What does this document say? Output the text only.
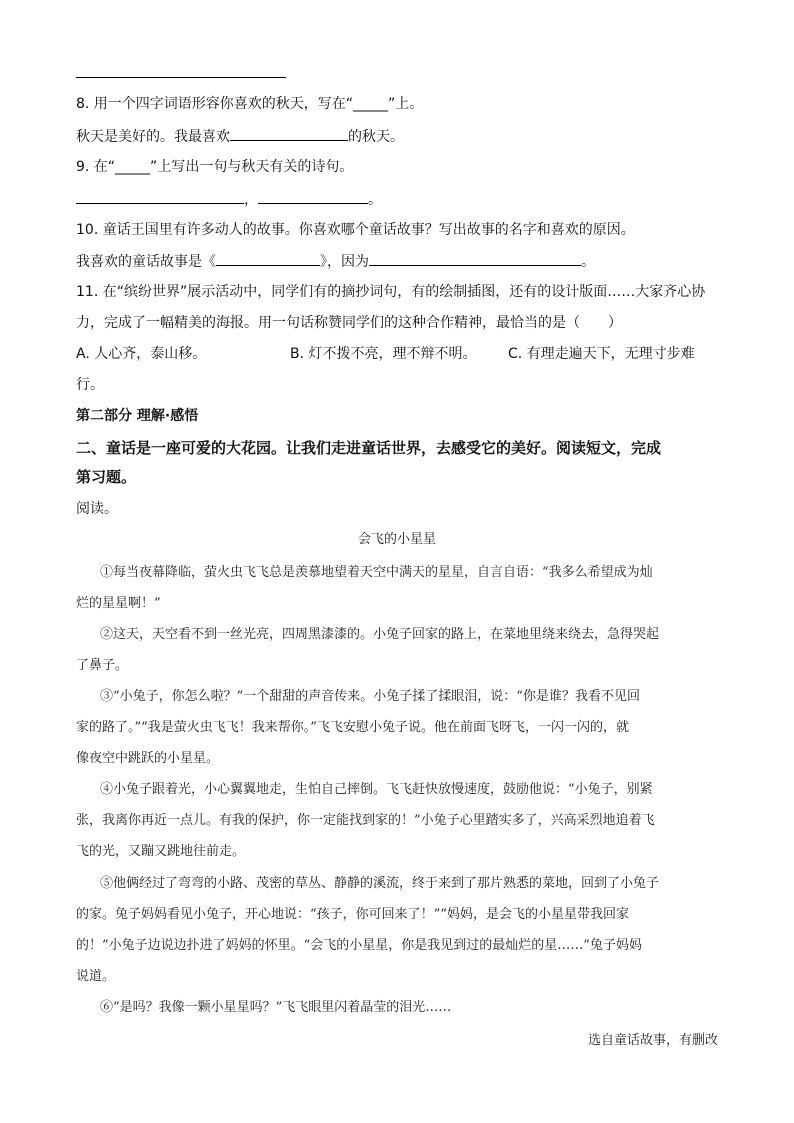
8. 用一个四字词语形容你喜欢的秋天，写在“_____”上。
秋天是美好的。我最喜欢	的秋天。
9. 在“_____”上写出一句与秋天有关的诗句。
，	。
10. 童话王国里有许多动人的故事。你喜欢哪个童话故事？写出故事的名字和喜欢的原因。
我喜欢的童话故事是《	》，因为	。
11. 在“缤纷世界”展示活动中，同学们有的摘抄词句，有的绘制插图，还有的设计版面……大家齐心协
力，完成了一幅精美的海报。用一句话称赞同学们的这种合作精神，最恰当的是（　　）
A. 人心齐，泰山移。	B. 灯不拨不亮，理不辩不明。 C. 有理走遍天下，无理寸步难
行。
第二部分 理解·感悟
二、童话是一座可爱的大花园。让我们走进童话世界，去感受它的美好。阅读短文，完成
第习题。
阅读。
会飞的小星星
①每当夜幕降临，萤火虫飞飞总是羡慕地望着天空中满天的星星，自言自语：“我多么希望成为灿
烂的星星啊！”
②这天，天空看不到一丝光亮，四周黑漆漆的。小兔子回家的路上，在菜地里绕来绕去，急得哭起
了鼻子。
③“小兔子，你怎么啦？”一个甜甜的声音传来。小兔子揉了揉眼泪，说：“你是谁？我看不见回
家的路了。”“我是萤火虫飞飞！我来帮你。”飞飞安慰小兔子说。他在前面飞呀飞，一闪一闪的，就
像夜空中跳跃的小星星。
④小兔子跟着光，小心翼翼地走，生怕自己摔倒。飞飞赶快放慢速度，鼓励他说：“小兔子，别紧
张，我离你再近一点儿。有我的保护，你一定能找到家的！”小兔子心里踏实多了，兴高采烈地追着飞
飞的光，又蹦又跳地往前走。
⑤他俩经过了弯弯的小路、茂密的草丛、静静的溪流，终于来到了那片熟悉的菜地，回到了小兔子
的家。兔子妈妈看见小兔子，开心地说：“孩子，你可回来了！”“妈妈，是会飞的小星星带我回家
的！”小兔子边说边扑进了妈妈的怀里。“会飞的小星星，你是我见到过的最灿烂的星……”兔子妈妈
说道。
⑥“是吗？我像一颗小星星吗？”飞飞眼里闪着晶莹的泪光……
选自童话故事，有删改
